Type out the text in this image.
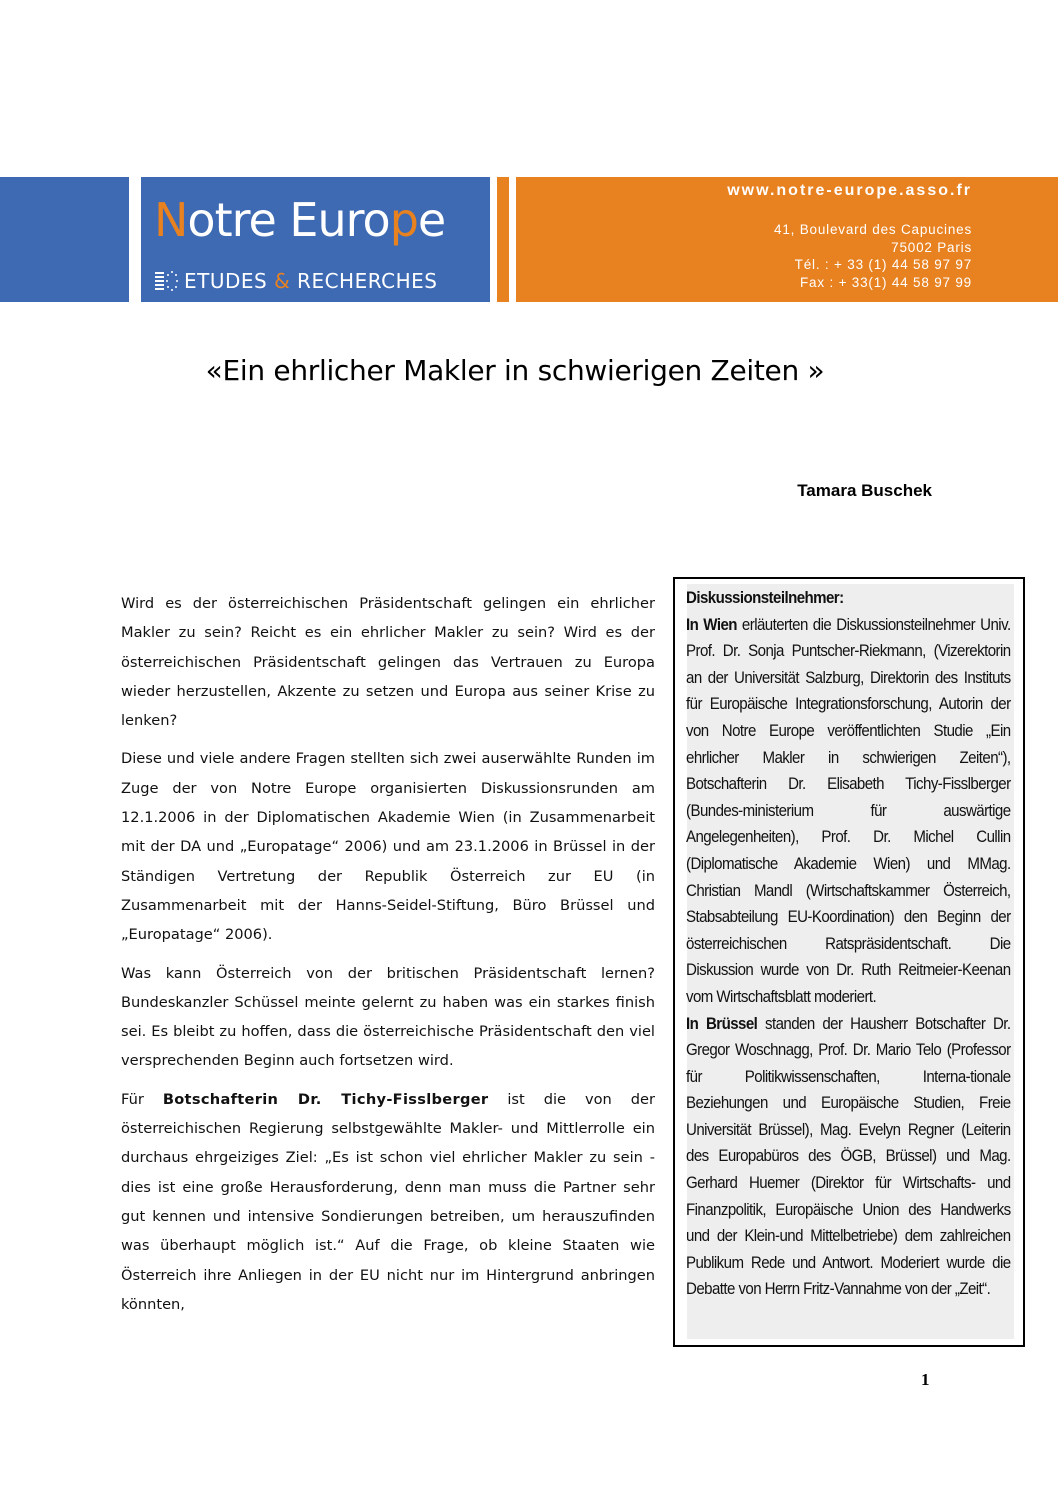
Notre Europe
ETUDES & RECHERCHES
www.notre-europe.asso.fr
41, Boulevard des Capucines
75002 Paris
Tél. : + 33 (1) 44 58 97 97
Fax : + 33(1) 44 58 97 99
«Ein ehrlicher Makler in schwierigen Zeiten »
Tamara Buschek

Wird es der österreichischen Präsidentschaft gelingen ein ehrlicher Makler zu sein? Reicht es ein ehrlicher Makler zu sein? Wird es der österreichischen Präsidentschaft gelingen das Vertrauen zu Europa wieder herzustellen, Akzente zu setzen und Europa aus seiner Krise zu lenken?

Diese und viele andere Fragen stellten sich zwei auserwählte Runden im Zuge der von Notre Europe organisierten Diskussionsrunden am 12.1.2006 in der Diplomatischen Akademie Wien (in Zusammenarbeit mit der DA und „Europatage“ 2006) und am 23.1.2006 in Brüssel in der Ständigen Vertretung der Republik Österreich zur EU (in Zusammenarbeit mit der Hanns-Seidel-Stiftung, Büro Brüssel und „Europatage“ 2006).

Was kann Österreich von der britischen Präsidentschaft lernen? Bundeskanzler Schüssel meinte gelernt zu haben was ein starkes finish sei. Es bleibt zu hoffen, dass die österreichische Präsidentschaft den viel versprechenden Beginn auch fortsetzen wird.

Für Botschafterin Dr. Tichy-Fisslberger ist die von der österreichischen Regierung selbstgewählte Makler- und Mittlerrolle ein durchaus ehrgeiziges Ziel: „Es ist schon viel ehrlicher Makler zu sein - dies ist eine große Herausforderung, denn man muss die Partner sehr gut kennen und intensive Sondierungen betreiben, um herauszufinden was überhaupt möglich ist.“ Auf die Frage, ob kleine Staaten wie Österreich ihre Anliegen in der EU nicht nur im Hintergrund anbringen könnten,

Diskussionsteilnehmer:

In Wien erläuterten die Diskussionsteilnehmer Univ. Prof. Dr. Sonja Puntscher-Riekmann, (Vizerektorin an der Universität Salzburg, Direktorin des Instituts für Europäische Integrationsforschung, Autorin der von Notre Europe veröffentlichten Studie „Ein ehrlicher Makler in schwierigen Zeiten“), Botschafterin Dr. Elisabeth Tichy-Fisslberger (Bundes-ministerium für auswärtige Angelegenheiten), Prof. Dr. Michel Cullin (Diplomatische Akademie Wien) und MMag. Christian Mandl (Wirtschaftskammer Österreich, Stabsabteilung EU-Koordination) den Beginn der österreichischen Ratspräsidentschaft. Die Diskussion wurde von Dr. Ruth Reitmeier-Keenan vom Wirtschaftsblatt moderiert.

In Brüssel standen der Hausherr Botschafter Dr. Gregor Woschnagg, Prof. Dr. Mario Telo (Professor für Politikwissenschaften, Interna-tionale Beziehungen und Europäische Studien, Freie Universität Brüssel), Mag. Evelyn Regner (Leiterin des Europabüros des ÖGB, Brüssel) und Mag. Gerhard Huemer (Direktor für Wirtschafts- und Finanzpolitik, Europäische Union des Handwerks und der Klein-und Mittelbetriebe) dem zahlreichen Publikum Rede und Antwort. Moderiert wurde die Debatte von Herrn Fritz-Vannahme von der „Zeit“.

1
